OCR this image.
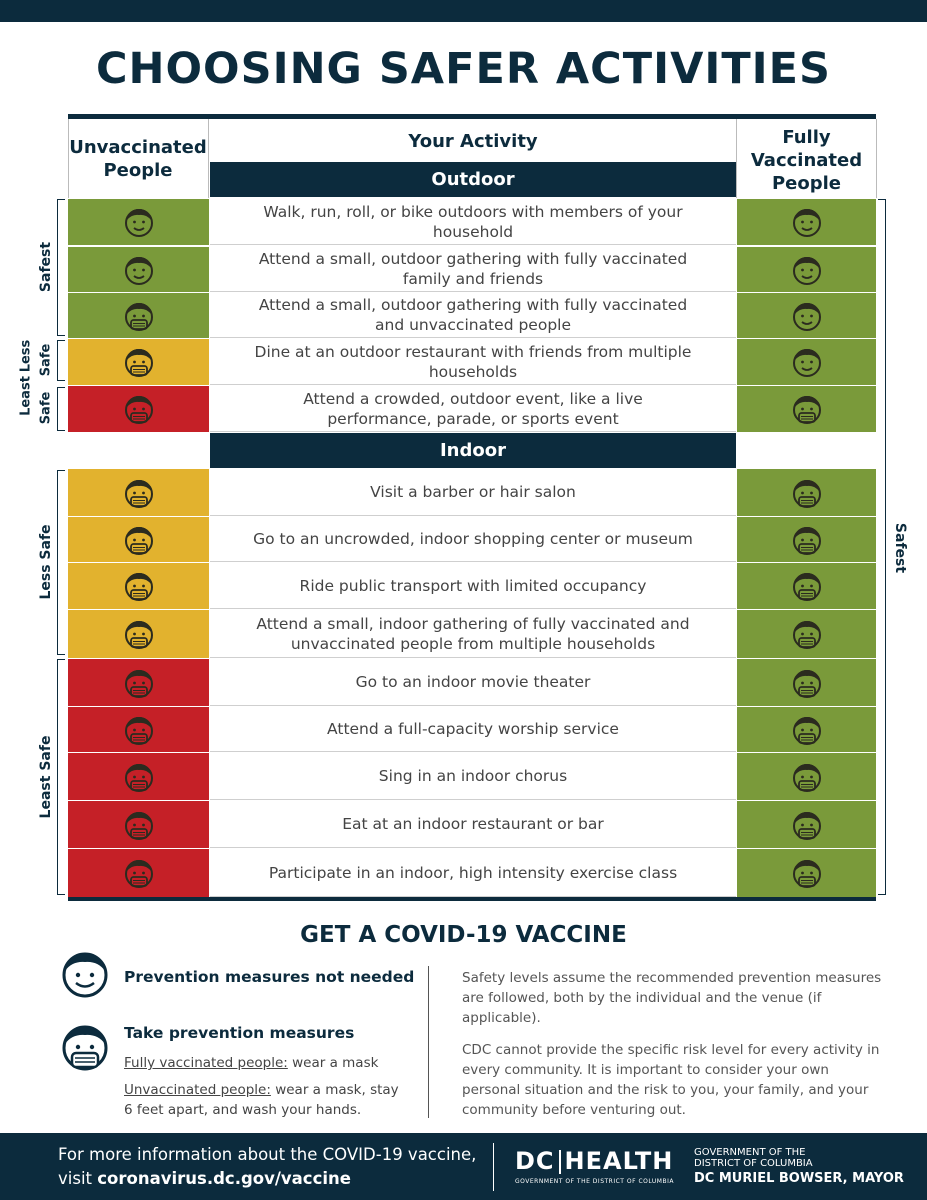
CHOOSING SAFER ACTIVITIES
Unvaccinated People
Your Activity	Fully Vaccinated People
Outdoor
Indoor
Walk, run, roll, or bike outdoors with members of your household
Attend a small, outdoor gathering with fully vaccinated family and friends
Attend a small, outdoor gathering with fully vaccinated and unvaccinated people
Dine at an outdoor restaurant with friends from multiple households
Attend a crowded, outdoor event, like a live performance, parade, or sports event
Visit a barber or hair salon
Go to an uncrowded, indoor shopping center or museum
Ride public transport with limited occupancy
Attend a small, indoor gathering of fully vaccinated and unvaccinated people from multiple households
Go to an indoor movie theater
Attend a full-capacity worship service
Sing in an indoor chorus
Eat at an indoor restaurant or bar
Participate in an indoor, high intensity exercise class
Safest
Least Safe
Less Safe
Less Safe
Least Safe
Safest
GET A COVID-19 VACCINE
Prevention measures not needed
Take prevention measures
Fully vaccinated people: wear a mask
Unvaccinated people: wear a mask, stay 6 feet apart, and wash your hands.
Safety levels assume the recommended prevention measures are followed, both by the individual and the venue (if applicable).
CDC cannot provide the specific risk level for every activity in every community. It is important to consider your own personal situation and the risk to you, your family, and your community before venturing out.
For more information about the COVID-19 vaccine,
visit coronavirus.dc.gov/vaccine
DC HEALTH
GOVERNMENT OF THE DISTRICT OF COLUMBIA
GOVERNMENT OF THE
DISTRICT OF COLUMBIA
DC MURIEL BOWSER, MAYOR
